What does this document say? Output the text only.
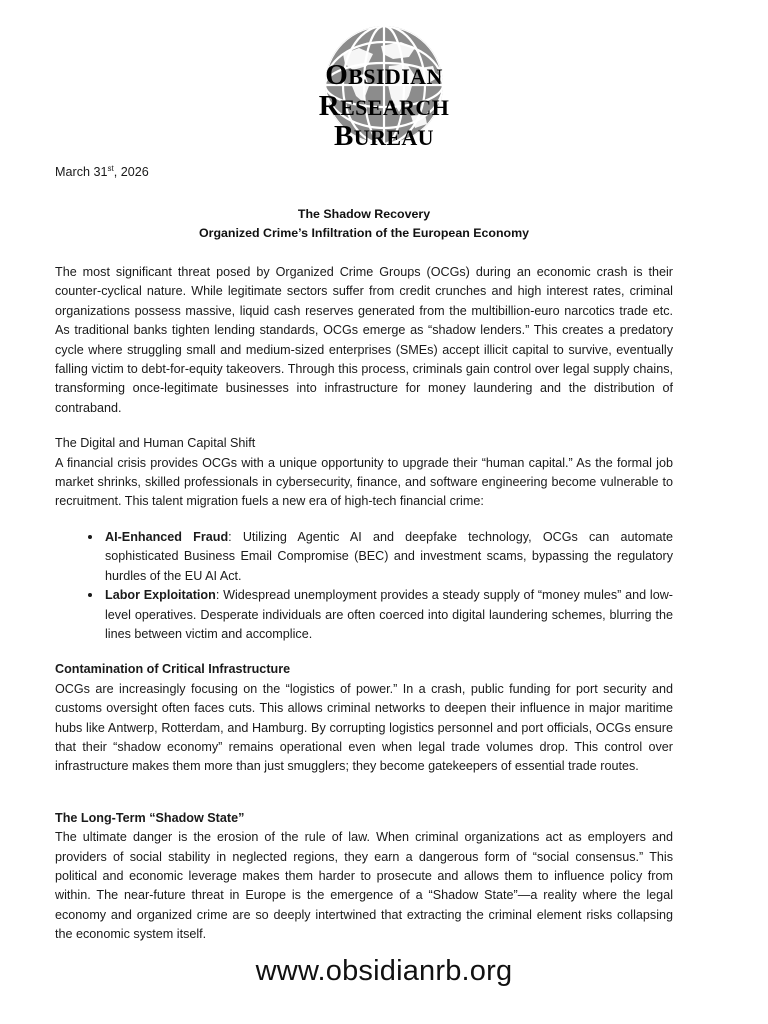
OBSIDIAN
RESEARCH
BUREAU
March 31st, 2026
The Shadow Recovery
Organized Crime’s Infiltration of the European Economy

The most significant threat posed by Organized Crime Groups (OCGs) during an economic crash is their counter-cyclical nature. While legitimate sectors suffer from credit crunches and high interest rates, criminal organizations possess massive, liquid cash reserves generated from the multibillion-euro narcotics trade etc. As traditional banks tighten lending standards, OCGs emerge as “shadow lenders.” This creates a predatory cycle where struggling small and medium-sized enterprises (SMEs) accept illicit capital to survive, eventually falling victim to debt-for-equity takeovers. Through this process, criminals gain control over legal supply chains, transforming once-legitimate businesses into infrastructure for money laundering and the distribution of contraband.

The Digital and Human Capital Shift

A financial crisis provides OCGs with a unique opportunity to upgrade their “human capital.” As the formal job market shrinks, skilled professionals in cybersecurity, finance, and software engineering become vulnerable to recruitment. This talent migration fuels a new era of high-tech financial crime:

AI-Enhanced Fraud: Utilizing Agentic AI and deepfake technology, OCGs can automate sophisticated Business Email Compromise (BEC) and investment scams, bypassing the regulatory hurdles of the EU AI Act.
Labor Exploitation: Widespread unemployment provides a steady supply of “money mules” and low-level operatives. Desperate individuals are often coerced into digital laundering schemes, blurring the lines between victim and accomplice.
Contamination of Critical Infrastructure

OCGs are increasingly focusing on the “logistics of power.” In a crash, public funding for port security and customs oversight often faces cuts. This allows criminal networks to deepen their influence in major maritime hubs like Antwerp, Rotterdam, and Hamburg. By corrupting logistics personnel and port officials, OCGs ensure that their “shadow economy” remains operational even when legal trade volumes drop. This control over infrastructure makes them more than just smugglers; they become gatekeepers of essential trade routes.

The Long-Term “Shadow State”

The ultimate danger is the erosion of the rule of law. When criminal organizations act as employers and providers of social stability in neglected regions, they earn a dangerous form of “social consensus.” This political and economic leverage makes them harder to prosecute and allows them to influence policy from within. The near-future threat in Europe is the emergence of a “Shadow State”—a reality where the legal economy and organized crime are so deeply intertwined that extracting the criminal element risks collapsing the economic system itself.

www.obsidianrb.org
